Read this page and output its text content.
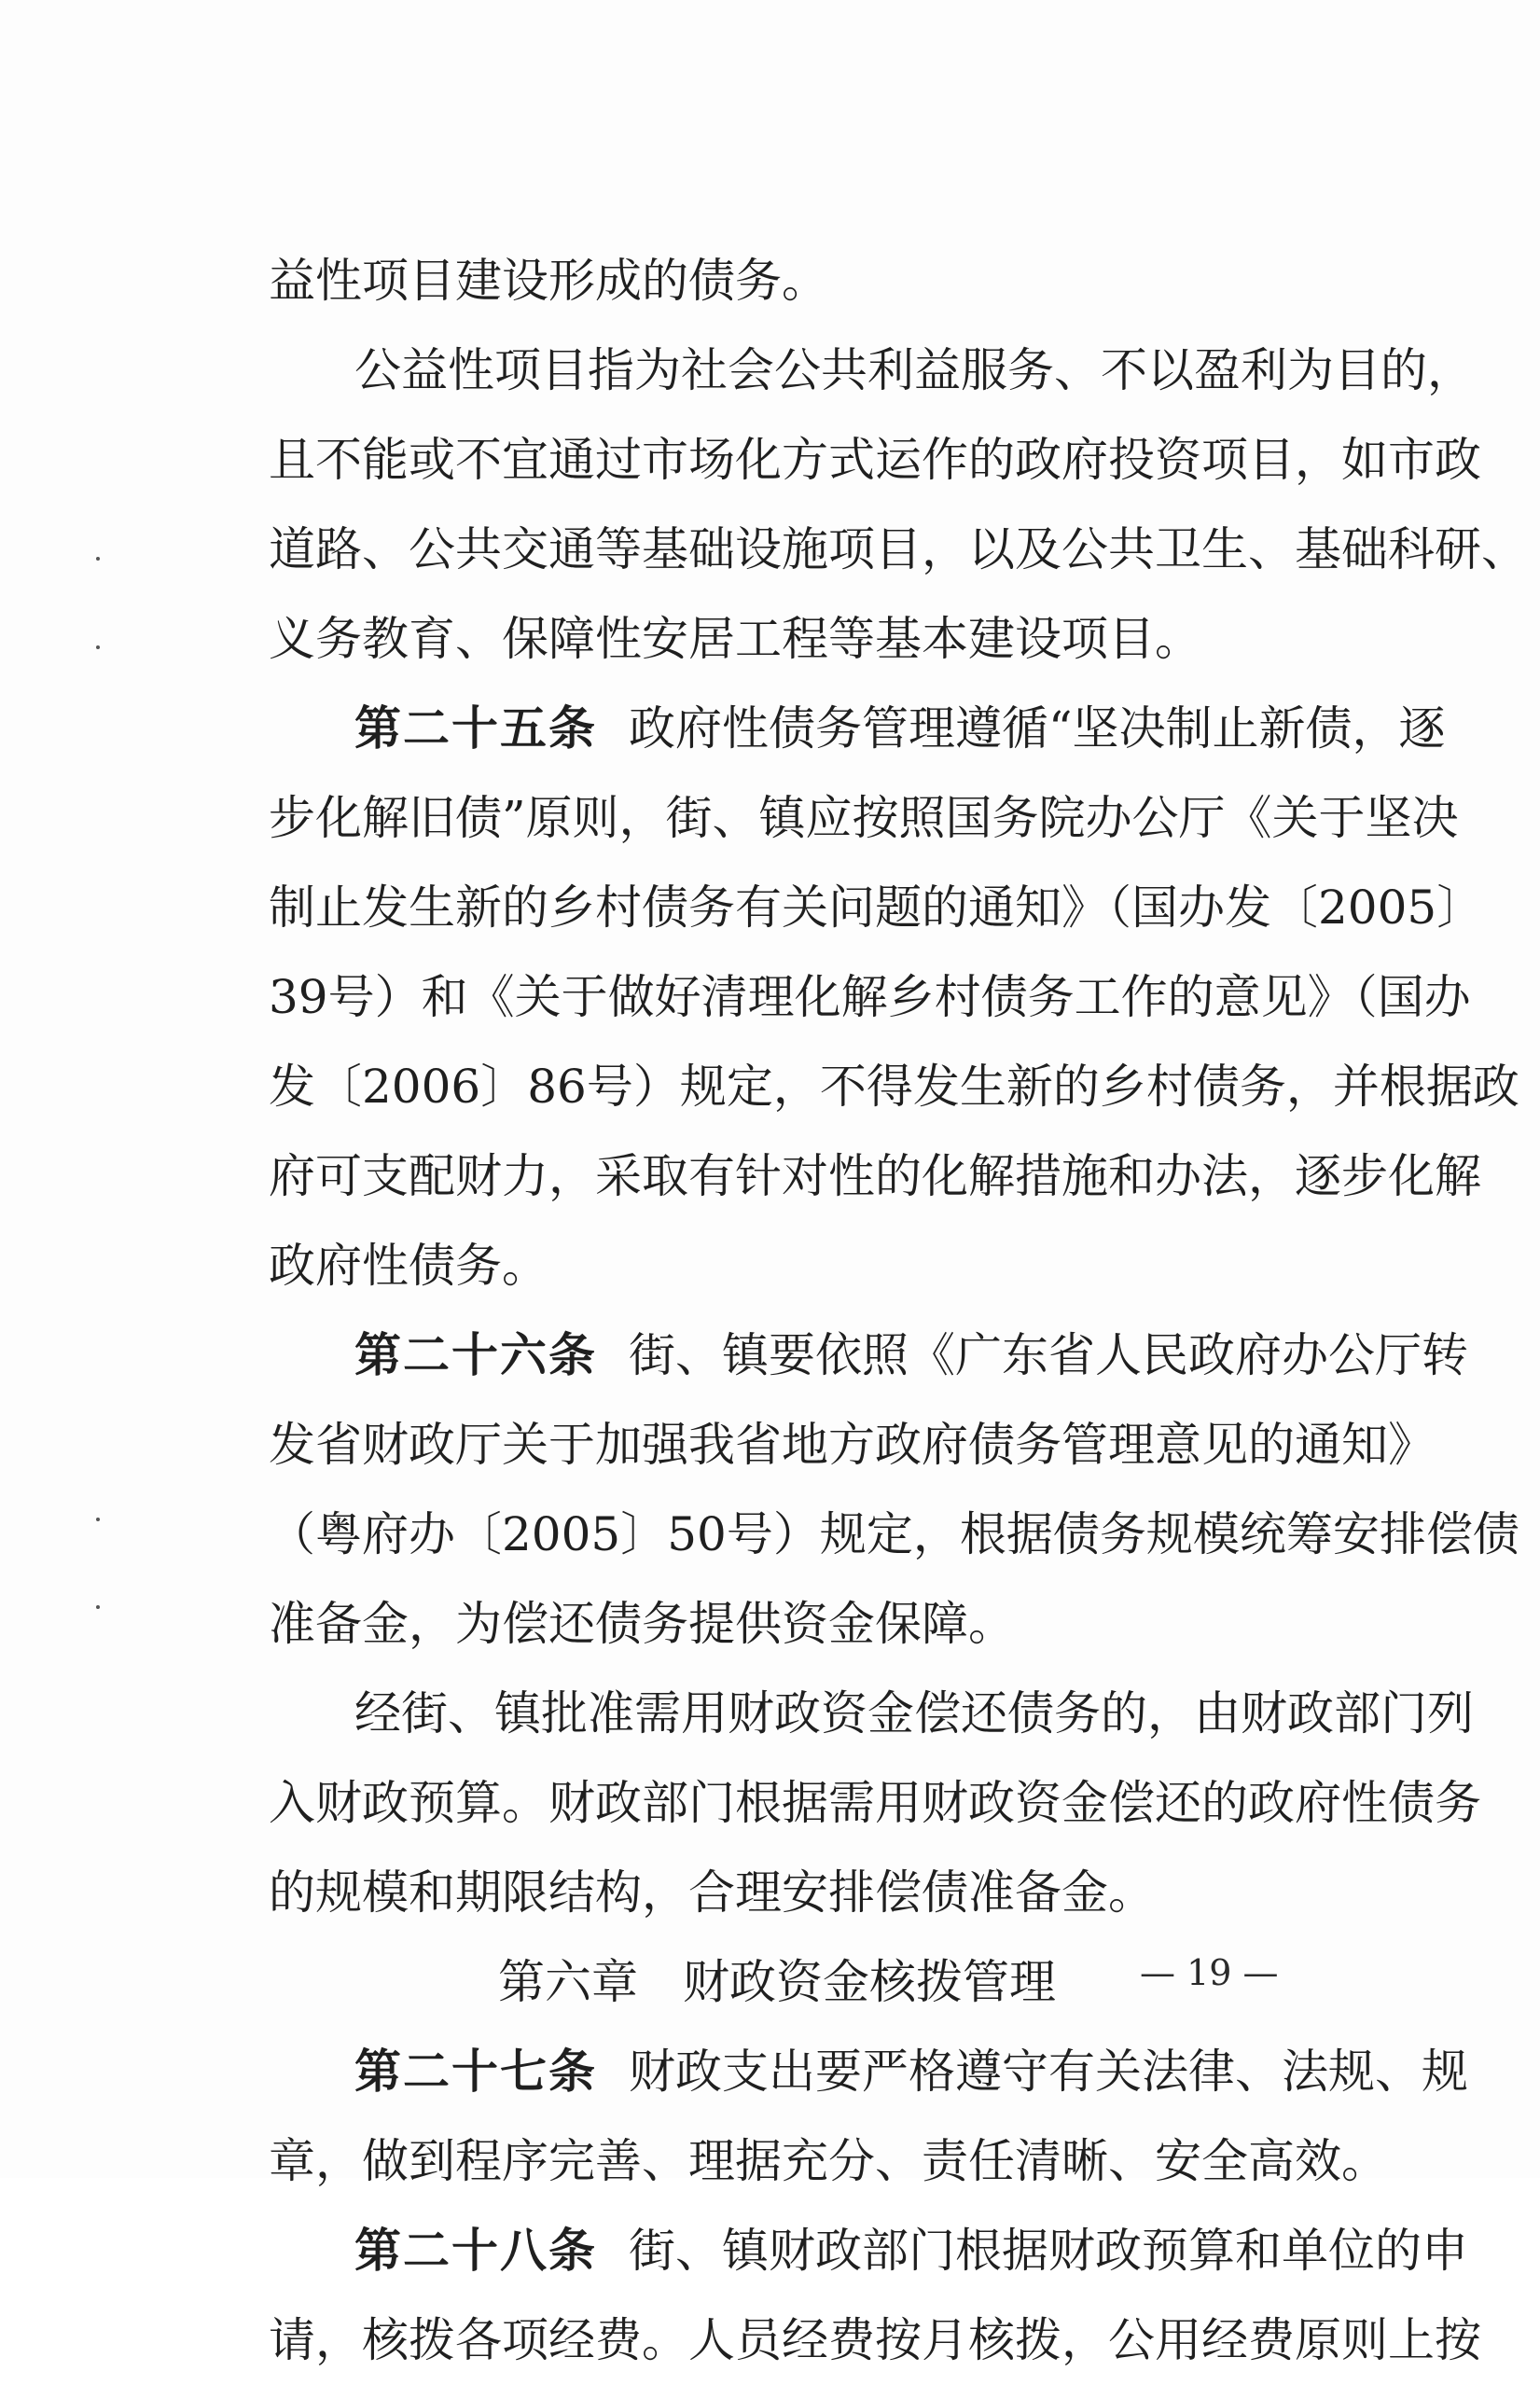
益性项目建设形成的债务。
公益性项目指为社会公共利益服务、不以盈利为目的，
且不能或不宜通过市场化方式运作的政府投资项目，如市政
道路、公共交通等基础设施项目，以及公共卫生、基础科研、
义务教育、保障性安居工程等基本建设项目。
第二十五条 政府性债务管理遵循“坚决制止新债，逐
步化解旧债”原则，街、镇应按照国务院办公厅《关于坚决
制止发生新的乡村债务有关问题的通知》（国办发〔2005〕
39号）和《关于做好清理化解乡村债务工作的意见》（国办
发〔2006〕86号）规定，不得发生新的乡村债务，并根据政
府可支配财力，采取有针对性的化解措施和办法，逐步化解
政府性债务。
第二十六条 街、镇要依照《广东省人民政府办公厅转
发省财政厅关于加强我省地方政府债务管理意见的通知》
（粤府办〔2005〕50号）规定，根据债务规模统筹安排偿债
准备金，为偿还债务提供资金保障。
经街、镇批准需用财政资金偿还债务的，由财政部门列
入财政预算。财政部门根据需用财政资金偿还的政府性债务
的规模和期限结构，合理安排偿债准备金。
第六章 财政资金核拨管理
第二十七条 财政支出要严格遵守有关法律、法规、规
章，做到程序完善、理据充分、责任清晰、安全高效。
第二十八条 街、镇财政部门根据财政预算和单位的申
请，核拨各项经费。人员经费按月核拨，公用经费原则上按
— 19 —
